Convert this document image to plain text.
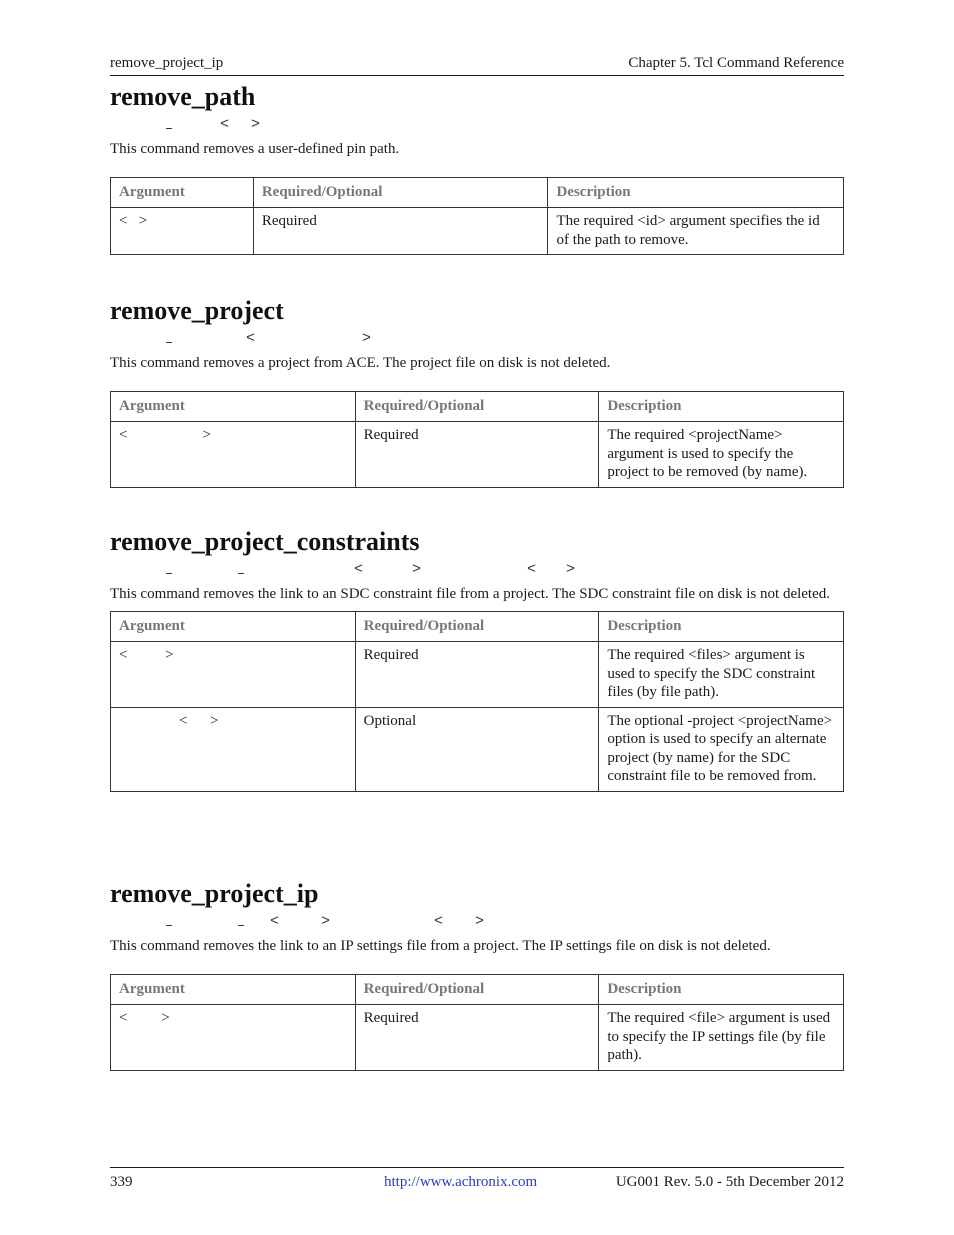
remove_project_ip	Chapter 5. Tcl Command Reference
remove_path
< >

This command removes a user-defined pin path.

Argument	Required/Optional	Description
<   >	Required	The required <id> argument specifies the id of the path to remove.
remove_project
<	>

This command removes a project from ACE. The project file on disk is not deleted.

Argument	Required/Optional	Description
<                    >	Required	The required <projectName> argument is used to specify the project to be removed (by name).
remove_project_constraints
<	>	< >

This command removes the link to an SDC constraint file from a project. The SDC constraint file on disk is not deleted.

Argument	Required/Optional	Description
<          >	Required	The required <files> argument is used to specify the SDC constraint files (by file path).
<      >	Optional	The optional -project <projectName> option is used to specify an alternate project (by name) for the SDC constraint file to be removed from.
remove_project_ip
<	>	< >

This command removes the link to an IP settings file from a project. The IP settings file on disk is not deleted.

Argument	Required/Optional	Description
<         >	Required	The required <file> argument is used to specify the IP settings file (by file path).
339	http://www.achronix.com	UG001 Rev. 5.0 - 5th December 2012
